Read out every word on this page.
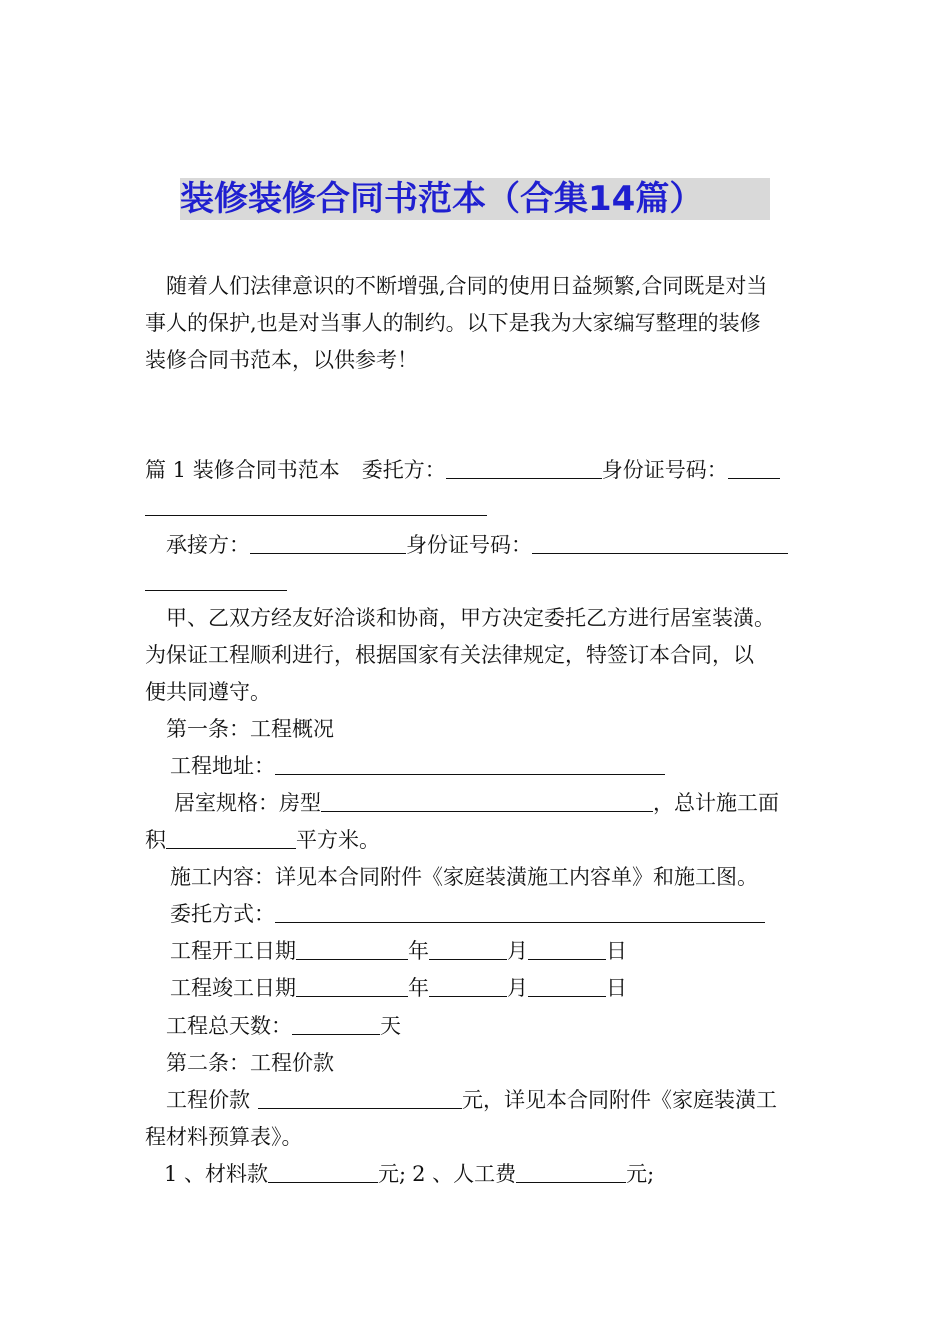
装修装修合同书范本（合集14篇）
随着人们法律意识的不断增强,合同的使用日益频繁,合同既是对当
事人的保护,也是对当事人的制约。以下是我为大家编写整理的装修
装修合同书范本，以供参考！
篇 1 装修合同书范本 委托方：	身份证号码：
承接方：	身份证号码：
甲、乙双方经友好洽谈和协商，甲方决定委托乙方进行居室装潢。
为保证工程顺利进行，根据国家有关法律规定，特签订本合同，以
便共同遵守。
第一条：工程概况
工程地址：
居室规格：房型	，总计施工面
积	平方米。
施工内容：详见本合同附件《家庭装潢施工内容单》和施工图。
委托方式：
工程开工日期	年	月	日
工程竣工日期	年	月	日
工程总天数：	天
第二条：工程价款
工程价款	元，详见本合同附件《家庭装潢工
程材料预算表》。
1 、材料款	元; 2 、人工费	元;
